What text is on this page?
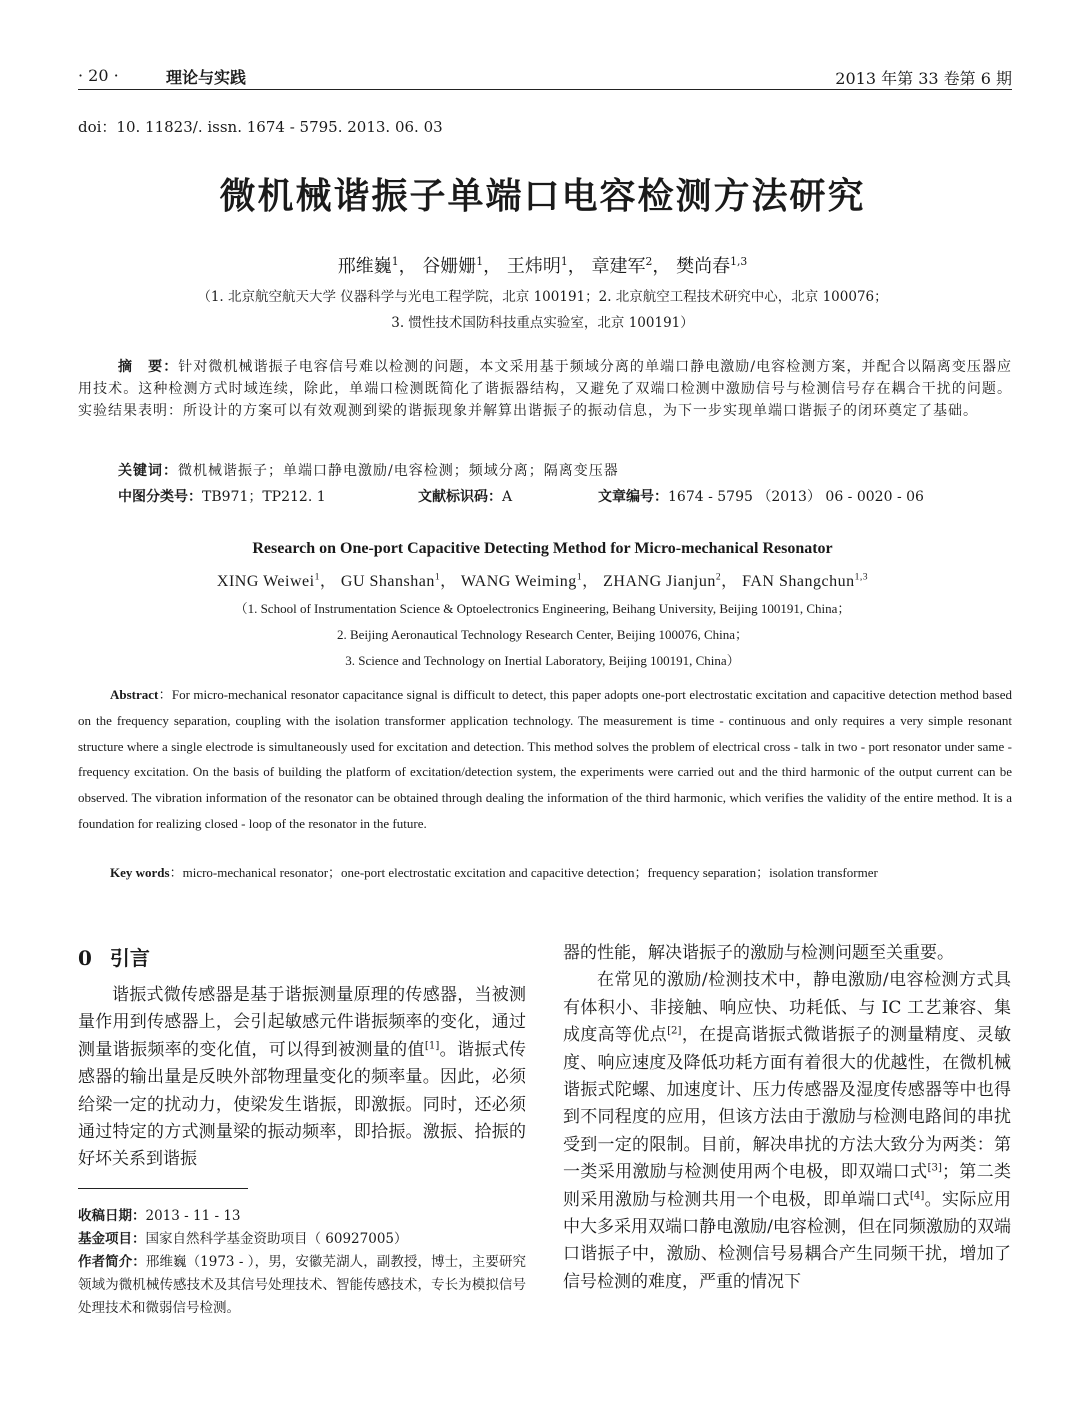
· 20 ·	理论与实践	2013 年第 33 卷第 6 期
doi：10. 11823/. issn. 1674 - 5795. 2013. 06. 03
微机械谐振子单端口电容检测方法研究
邢维巍$^1$， 谷姗姗$^1$， 王炜明$^1$， 章建军$^2$， 樊尚春$^{1,3}$
（1. 北京航空航天大学 仪器科学与光电工程学院，北京 100191；2. 北京航空工程技术研究中心，北京 100076；
3. 惯性技术国防科技重点实验室，北京 100191）
摘　要：针对微机械谐振子电容信号难以检测的问题，本文采用基于频域分离的单端口静电激励/电容检测方案，并配合以隔离变压器应用技术。这种检测方式时域连续，除此，单端口检测既简化了谐振器结构，又避免了双端口检测中激励信号与检测信号存在耦合干扰的问题。实验结果表明：所设计的方案可以有效观测到梁的谐振现象并解算出谐振子的振动信息，为下一步实现单端口谐振子的闭环奠定了基础。
关键词：微机械谐振子；单端口静电激励/电容检测；频域分离；隔离变压器
中图分类号：TB971；TP212. 1	文献标识码：A	文章编号：1674 - 5795 （2013） 06 - 0020 - 06
Research on One-port Capacitive Detecting Method for Micro-mechanical Resonator
XING Weiwei$^1$， GU Shanshan$^1$， WANG Weiming$^1$， ZHANG Jianjun$^2$， FAN Shangchun$^{1,3}$
（1. School of Instrumentation Science & Optoelectronics Engineering, Beihang University, Beijing 100191, China；
2. Beijing Aeronautical Technology Research Center, Beijing 100076, China；
3. Science and Technology on Inertial Laboratory, Beijing 100191, China）
Abstract：For micro-mechanical resonator capacitance signal is difficult to detect, this paper adopts one-port electrostatic excitation and capacitive detection method based on the frequency separation, coupling with the isolation transformer application technology. The measurement is time - continuous and only requires a very simple resonant structure where a single electrode is simultaneously used for excitation and detection. This method solves the problem of electrical cross - talk in two - port resonator under same - frequency excitation. On the basis of building the platform of excitation/detection system, the experiments were carried out and the third harmonic of the output current can be observed. The vibration information of the resonator can be obtained through dealing the information of the third harmonic, which verifies the validity of the entire method. It is a foundation for realizing closed - loop of the resonator in the future.
Key words：micro-mechanical resonator；one-port electrostatic excitation and capacitive detection；frequency separation；isolation transformer
0 引言

谐振式微传感器是基于谐振测量原理的传感器，当被测量作用到传感器上，会引起敏感元件谐振频率的变化，通过测量谐振频率的变化值，可以得到被测量的值[1]。谐振式传感器的输出量是反映外部物理量变化的频率量。因此，必须给梁一定的扰动力，使梁发生谐振，即激振。同时，还必须通过特定的方式测量梁的振动频率，即拾振。激振、拾振的好坏关系到谐振

器的性能，解决谐振子的激励与检测问题至关重要。

在常见的激励/检测技术中，静电激励/电容检测方式具有体积小、非接触、响应快、功耗低、与 IC 工艺兼容、集成度高等优点[2]，在提高谐振式微谐振子的测量精度、灵敏度、响应速度及降低功耗方面有着很大的优越性，在微机械谐振式陀螺、加速度计、压力传感器及湿度传感器等中也得到不同程度的应用，但该方法由于激励与检测电路间的串扰受到一定的限制。目前，解决串扰的方法大致分为两类：第一类采用激励与检测使用两个电极，即双端口式[3]；第二类则采用激励与检测共用一个电极，即单端口式[4]。实际应用中大多采用双端口静电激励/电容检测，但在同频激励的双端口谐振子中，激励、检测信号易耦合产生同频干扰，增加了信号检测的难度，严重的情况下

收稿日期：2013 - 11 - 13
基金项目：国家自然科学基金资助项目（ 60927005）
作者简介：邢维巍（1973 - ），男，安徽芜湖人，副教授，博士，主要研究领域为微机械传感技术及其信号处理技术、智能传感技术，专长为模拟信号处理技术和微弱信号检测。
